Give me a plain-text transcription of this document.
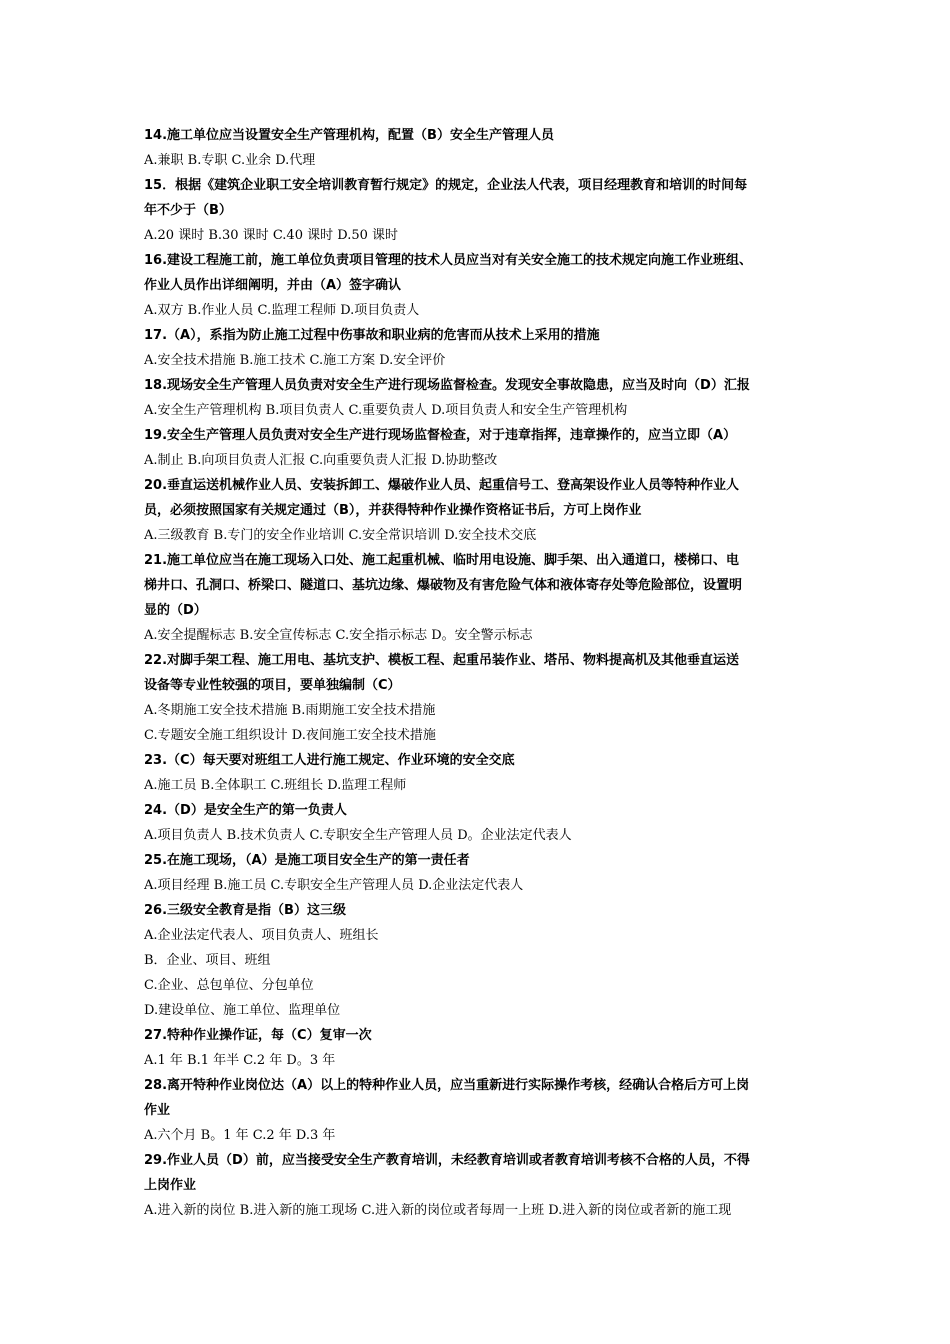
14.施工单位应当设置安全生产管理机构，配置（B）安全生产管理人员
A.兼职 B.专职 C.业余 D.代理
15．根据《建筑企业职工安全培训教育暂行规定》的规定，企业法人代表，项目经理教育和培训的时间每
年不少于（B）
A.20 课时 B.30 课时 C.40 课时 D.50 课时
16.建设工程施工前，施工单位负责项目管理的技术人员应当对有关安全施工的技术规定向施工作业班组、
作业人员作出详细阐明，并由（A）签字确认
A.双方 B.作业人员 C.监理工程师 D.项目负责人
17.（A），系指为防止施工过程中伤事故和职业病的危害而从技术上采用的措施
A.安全技术措施 B.施工技术 C.施工方案 D.安全评价
18.现场安全生产管理人员负责对安全生产进行现场监督检查。发现安全事故隐患，应当及时向（D）汇报
A.安全生产管理机构 B.项目负责人 C.重要负责人 D.项目负责人和安全生产管理机构
19.安全生产管理人员负责对安全生产进行现场监督检查，对于违章指挥，违章操作的，应当立即（A）
A.制止 B.向项目负责人汇报 C.向重要负责人汇报 D.协助整改
20.垂直运送机械作业人员、安装拆卸工、爆破作业人员、起重信号工、登高架设作业人员等特种作业人
员，必须按照国家有关规定通过（B），并获得特种作业操作资格证书后，方可上岗作业
A.三级教育 B.专门的安全作业培训 C.安全常识培训 D.安全技术交底
21.施工单位应当在施工现场入口处、施工起重机械、临时用电设施、脚手架、出入通道口，楼梯口、电
梯井口、孔洞口、桥梁口、隧道口、基坑边缘、爆破物及有害危险气体和液体寄存处等危险部位，设置明
显的（D）
A.安全提醒标志 B.安全宣传标志 C.安全指示标志 D。安全警示标志
22.对脚手架工程、施工用电、基坑支护、模板工程、起重吊装作业、塔吊、物料提高机及其他垂直运送
设备等专业性较强的项目，要单独编制（C）
A.冬期施工安全技术措施 B.雨期施工安全技术措施
C.专题安全施工组织设计 D.夜间施工安全技术措施
23.（C）每天要对班组工人进行施工规定、作业环境的安全交底
A.施工员 B.全体职工 C.班组长 D.监理工程师
24.（D）是安全生产的第一负责人
A.项目负责人 B.技术负责人 C.专职安全生产管理人员 D。企业法定代表人
25.在施工现场，（A）是施工项目安全生产的第一责任者
A.项目经理 B.施工员 C.专职安全生产管理人员 D.企业法定代表人
26.三级安全教育是指（B）这三级
A.企业法定代表人、项目负责人、班组长
B．企业、项目、班组
C.企业、总包单位、分包单位
D.建设单位、施工单位、监理单位
27.特种作业操作证，每（C）复审一次
A.1 年 B.1 年半 C.2 年 D。3 年
28.离开特种作业岗位达（A）以上的特种作业人员，应当重新进行实际操作考核，经确认合格后方可上岗
作业
A.六个月 B。1 年 C.2 年 D.3 年
29.作业人员（D）前，应当接受安全生产教育培训，未经教育培训或者教育培训考核不合格的人员，不得
上岗作业
A.进入新的岗位 B.进入新的施工现场 C.进入新的岗位或者每周一上班 D.进入新的岗位或者新的施工现
